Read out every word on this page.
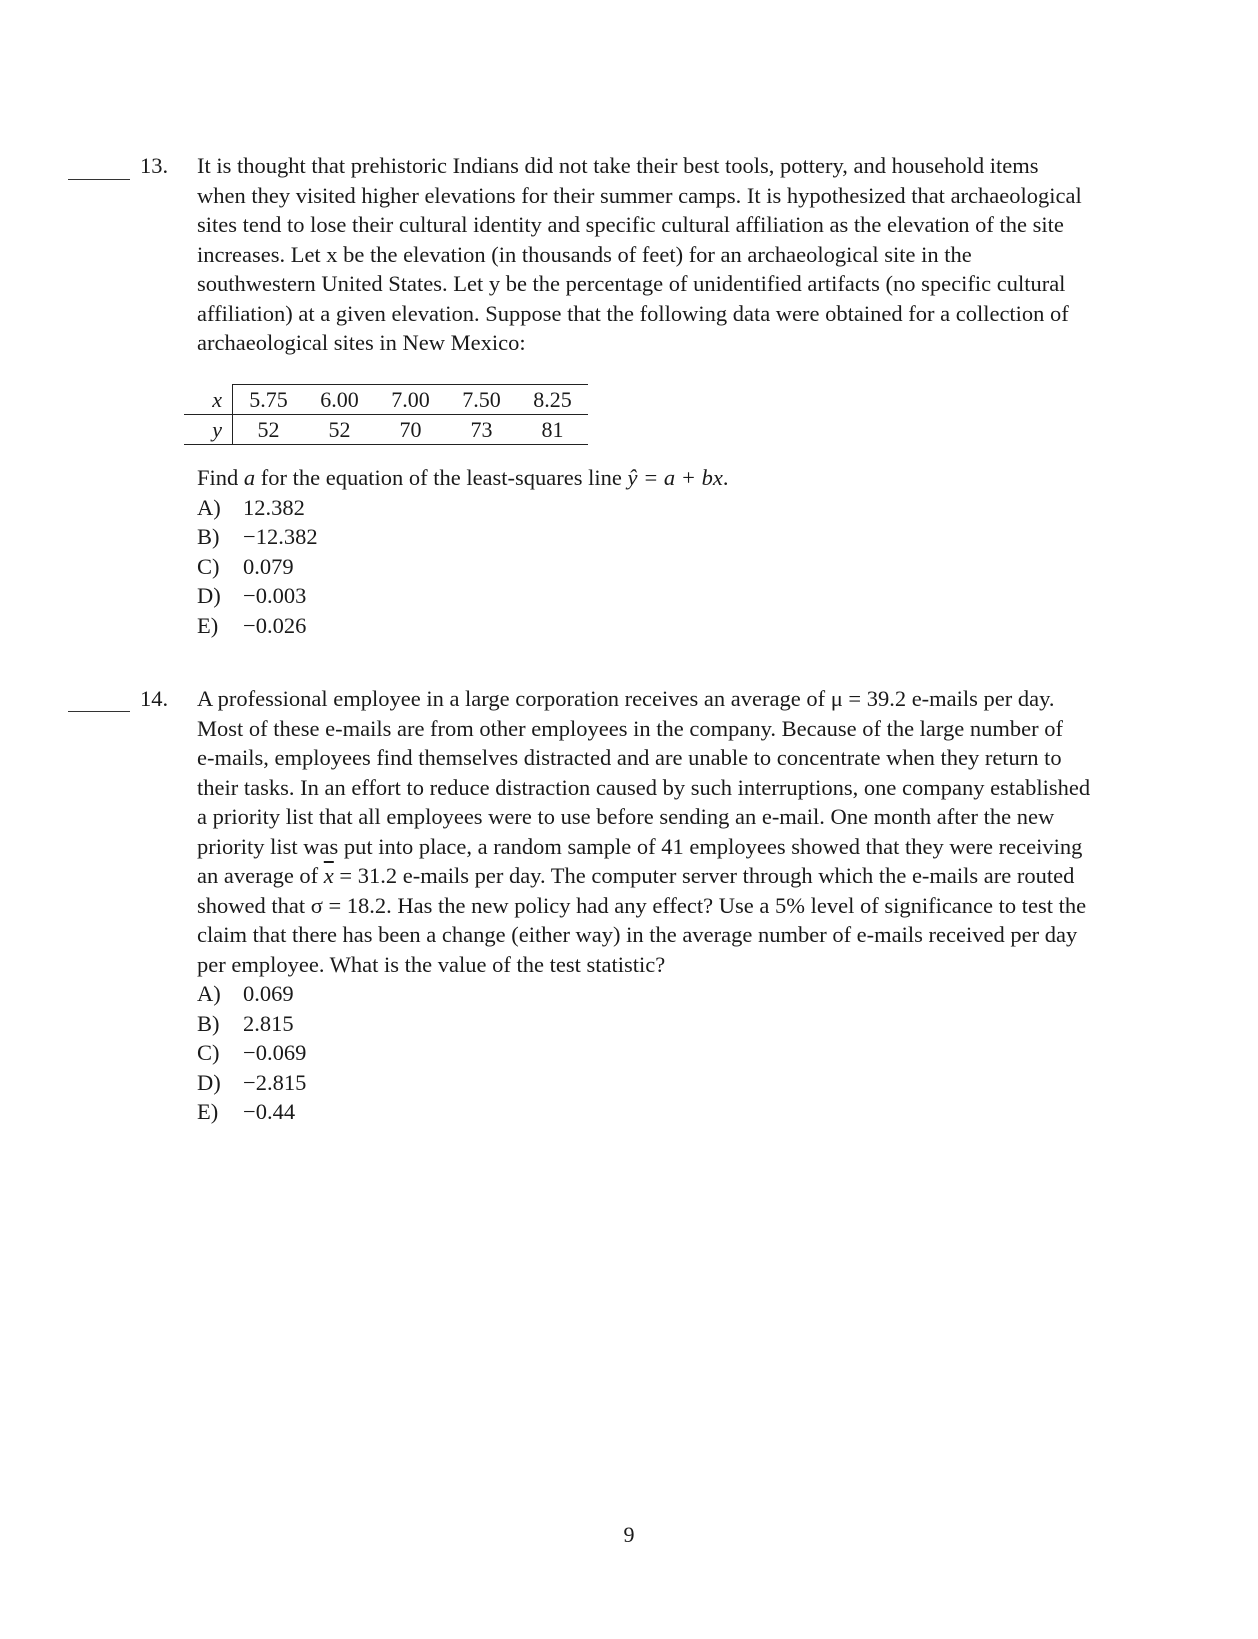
13. It is thought that prehistoric Indians did not take their best tools, pottery, and household items
when they visited higher elevations for their summer camps. It is hypothesized that archaeological
sites tend to lose their cultural identity and specific cultural affiliation as the elevation of the site
increases. Let x be the elevation (in thousands of feet) for an archaeological site in the
southwestern United States. Let y be the percentage of unidentified artifacts (no specific cultural
affiliation) at a given elevation. Suppose that the following data were obtained for a collection of
archaeological sites in New Mexico:

x	5.75	6.00	7.00	7.50	8.25
y	52	52	70	73	81
Find a for the equation of the least-squares line ŷ = a + bx.
A) 12.382
B) −12.382
C) 0.079
D) −0.003
E) −0.026
14. A professional employee in a large corporation receives an average of μ = 39.2 e-mails per day.
Most of these e-mails are from other employees in the company. Because of the large number of
e-mails, employees find themselves distracted and are unable to concentrate when they return to
their tasks. In an effort to reduce distraction caused by such interruptions, one company established
a priority list that all employees were to use before sending an e-mail. One month after the new
priority list was put into place, a random sample of 41 employees showed that they were receiving
an average of $\overline{x} = 31.2$ e-mails per day. The computer server through which the e-mails are routed
showed that σ = 18.2. Has the new policy had any effect? Use a 5% level of significance to test the
claim that there has been a change (either way) in the average number of e-mails received per day
per employee. What is the value of the test statistic?

A) 0.069
B) 2.815
C) −0.069
D) −2.815
E) −0.44
9
